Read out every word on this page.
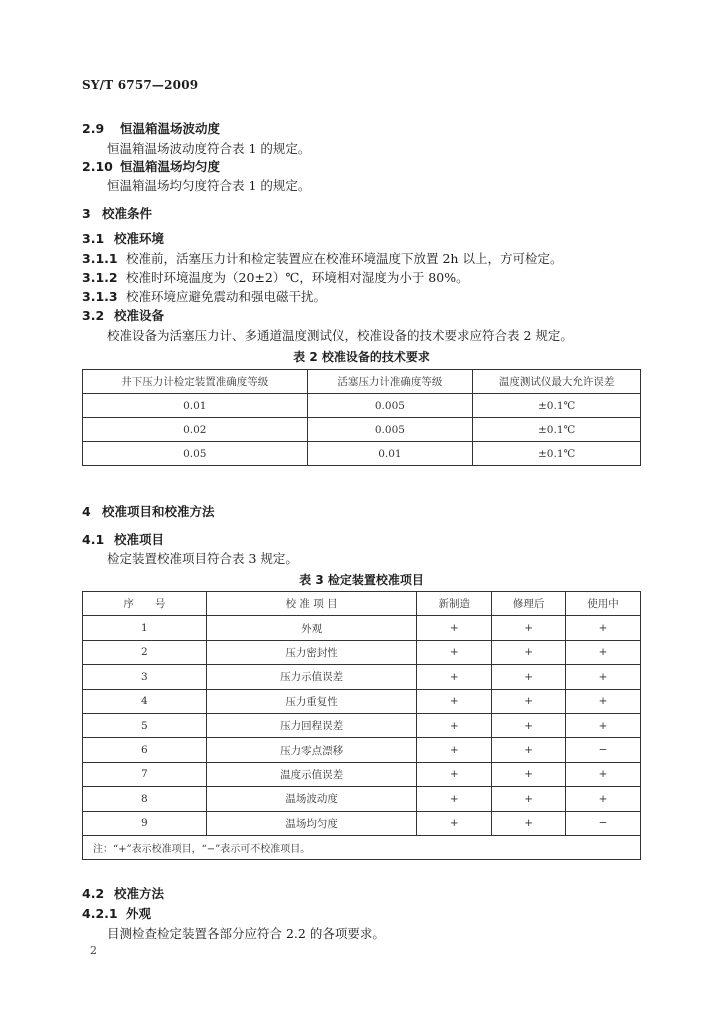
SY/T 6757—2009
2.9 恒温箱温场波动度
恒温箱温场波动度符合表 1 的规定。
2.10 恒温箱温场均匀度
恒温箱温场均匀度符合表 1 的规定。
3 校准条件
3.1 校准环境
3.1.1 校准前，活塞压力计和检定装置应在校准环境温度下放置 2h 以上，方可检定。
3.1.2 校准时环境温度为（20±2）℃，环境相对湿度为小于 80%。
3.1.3 校准环境应避免震动和强电磁干扰。
3.2 校准设备
校准设备为活塞压力计、多通道温度测试仪，校准设备的技术要求应符合表 2 规定。
表 2 校准设备的技术要求
井下压力计检定装置准确度等级	活塞压力计准确度等级	温度测试仪最大允许误差
0.01	0.005	±0.1℃
0.02	0.005	±0.1℃
0.05	0.01	±0.1℃
4 校准项目和校准方法
4.1 校准项目
检定装置校准项目符合表 3 规定。
表 3 检定装置校准项目
序　　号	校 准 项 目	新制造	修理后	使用中
1	外观	+	+	+
2	压力密封性	+	+	+
3	压力示值误差	+	+	+
4	压力重复性	+	+	+
5	压力回程误差	+	+	+
6	压力零点漂移	+	+	−
7	温度示值误差	+	+	+
8	温场波动度	+	+	+
9	温场均匀度	+	+	−
注：“+”表示校准项目，“−”表示可不校准项目。				
4.2 校准方法
4.2.1 外观
目测检查检定装置各部分应符合 2.2 的各项要求。
2
